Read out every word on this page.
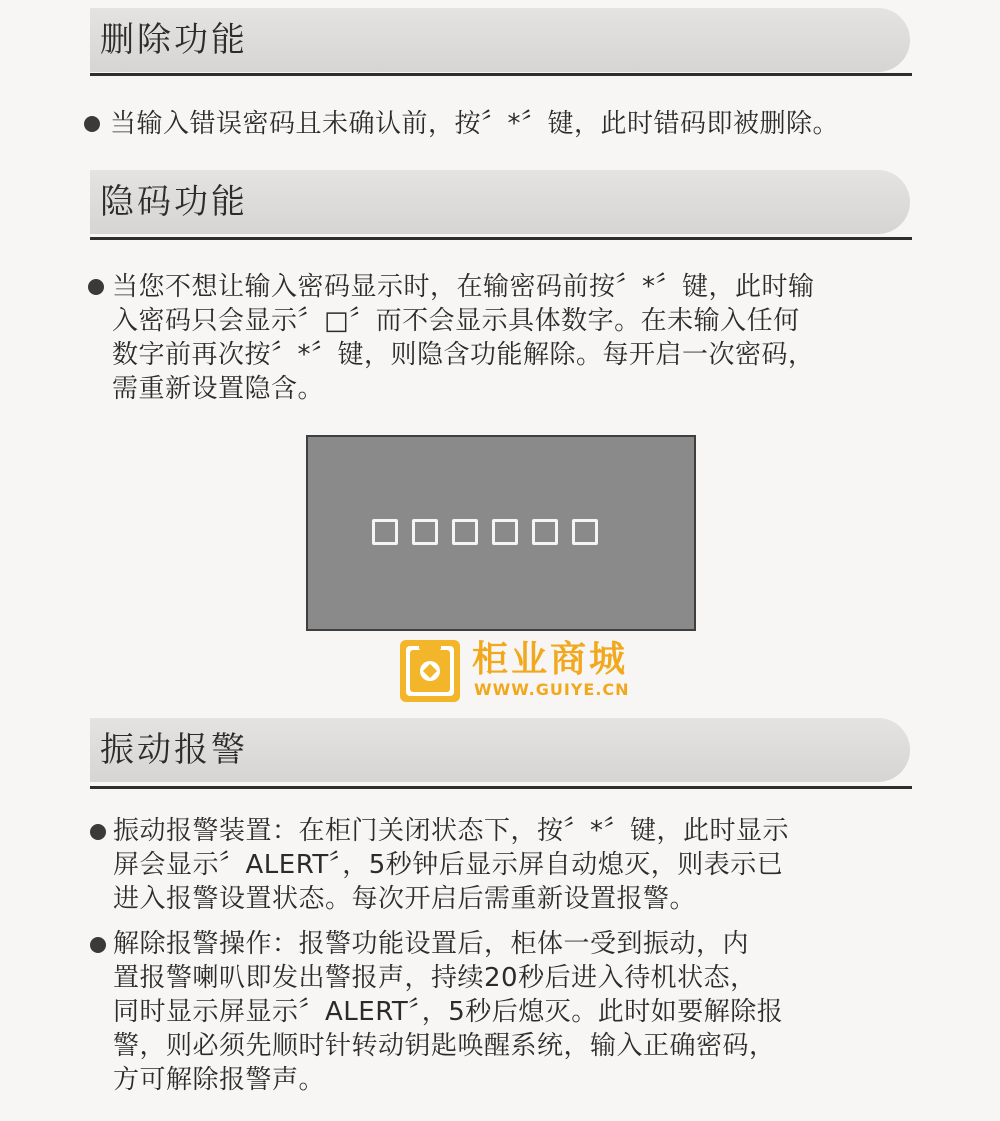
删除功能
当输入错误密码且未确认前，按〞*〞键，此时错码即被删除。
隐码功能
当您不想让输入密码显示时，在输密码前按〞*〞键，此时输
入密码只会显示〞□〞而不会显示具体数字。在未输入任何
数字前再次按〞*〞键，则隐含功能解除。每开启一次密码，
需重新设置隐含。
柜业商城
WWW.GUIYE.CN
振动报警
振动报警装置：在柜门关闭状态下，按〞*〞键，此时显示
屏会显示〞ALERT〞，5秒钟后显示屏自动熄灭，则表示已
进入报警设置状态。每次开启后需重新设置报警。
解除报警操作：报警功能设置后，柜体一受到振动，内
置报警喇叭即发出警报声，持续20秒后进入待机状态，
同时显示屏显示〞ALERT〞，5秒后熄灭。此时如要解除报
警，则必须先顺时针转动钥匙唤醒系统，输入正确密码，
方可解除报警声。
